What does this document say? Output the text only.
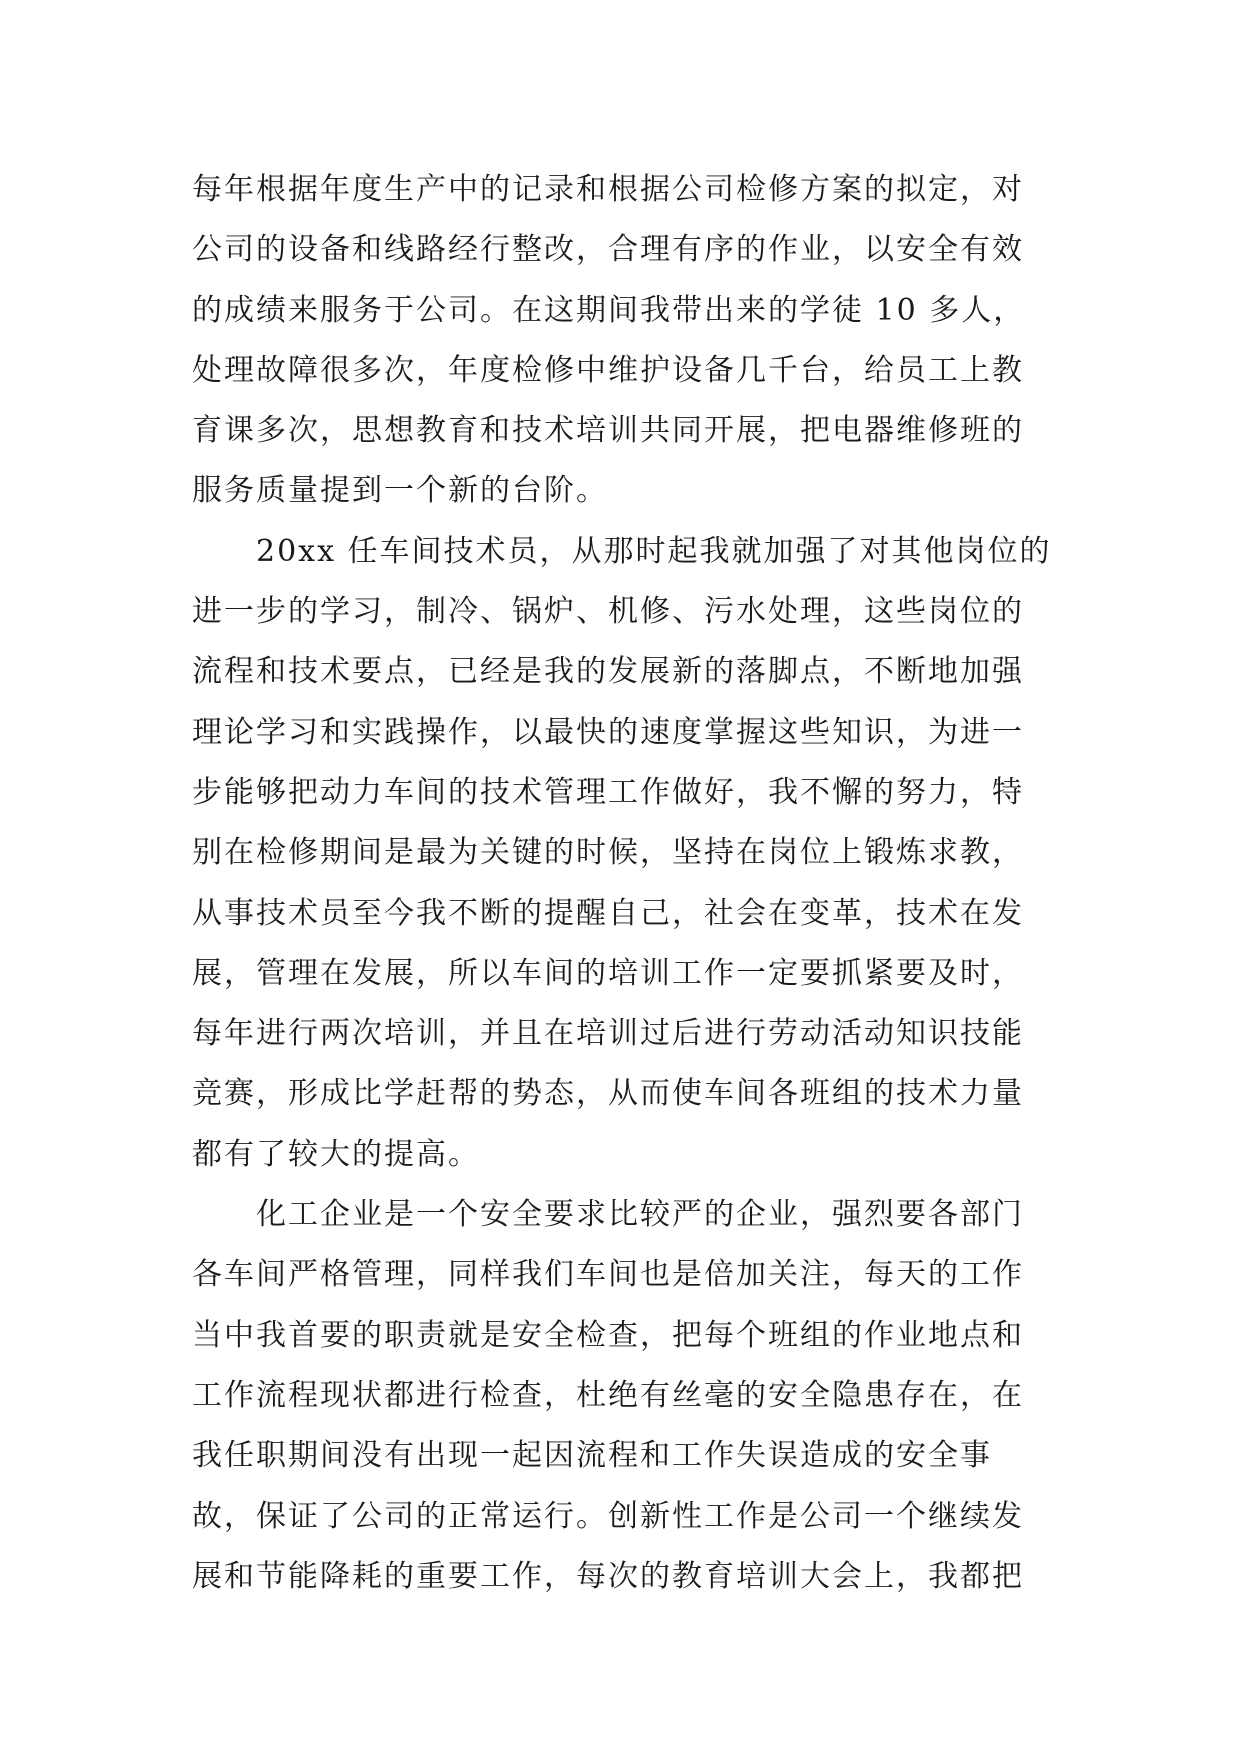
每年根据年度生产中的记录和根据公司检修方案的拟定，对
公司的设备和线路经行整改，合理有序的作业，以安全有效
的成绩来服务于公司。在这期间我带出来的学徒 10 多人，
处理故障很多次，年度检修中维护设备几千台，给员工上教
育课多次，思想教育和技术培训共同开展，把电器维修班的
服务质量提到一个新的台阶。
20xx 任车间技术员，从那时起我就加强了对其他岗位的
进一步的学习，制冷、锅炉、机修、污水处理，这些岗位的
流程和技术要点，已经是我的发展新的落脚点，不断地加强
理论学习和实践操作，以最快的速度掌握这些知识，为进一
步能够把动力车间的技术管理工作做好，我不懈的努力，特
别在检修期间是最为关键的时候，坚持在岗位上锻炼求教，
从事技术员至今我不断的提醒自己，社会在变革，技术在发
展，管理在发展，所以车间的培训工作一定要抓紧要及时，
每年进行两次培训，并且在培训过后进行劳动活动知识技能
竞赛，形成比学赶帮的势态，从而使车间各班组的技术力量
都有了较大的提高。
化工企业是一个安全要求比较严的企业，强烈要各部门
各车间严格管理，同样我们车间也是倍加关注，每天的工作
当中我首要的职责就是安全检查，把每个班组的作业地点和
工作流程现状都进行检查，杜绝有丝毫的安全隐患存在，在
我任职期间没有出现一起因流程和工作失误造成的安全事
故，保证了公司的正常运行。创新性工作是公司一个继续发
展和节能降耗的重要工作，每次的教育培训大会上，我都把
